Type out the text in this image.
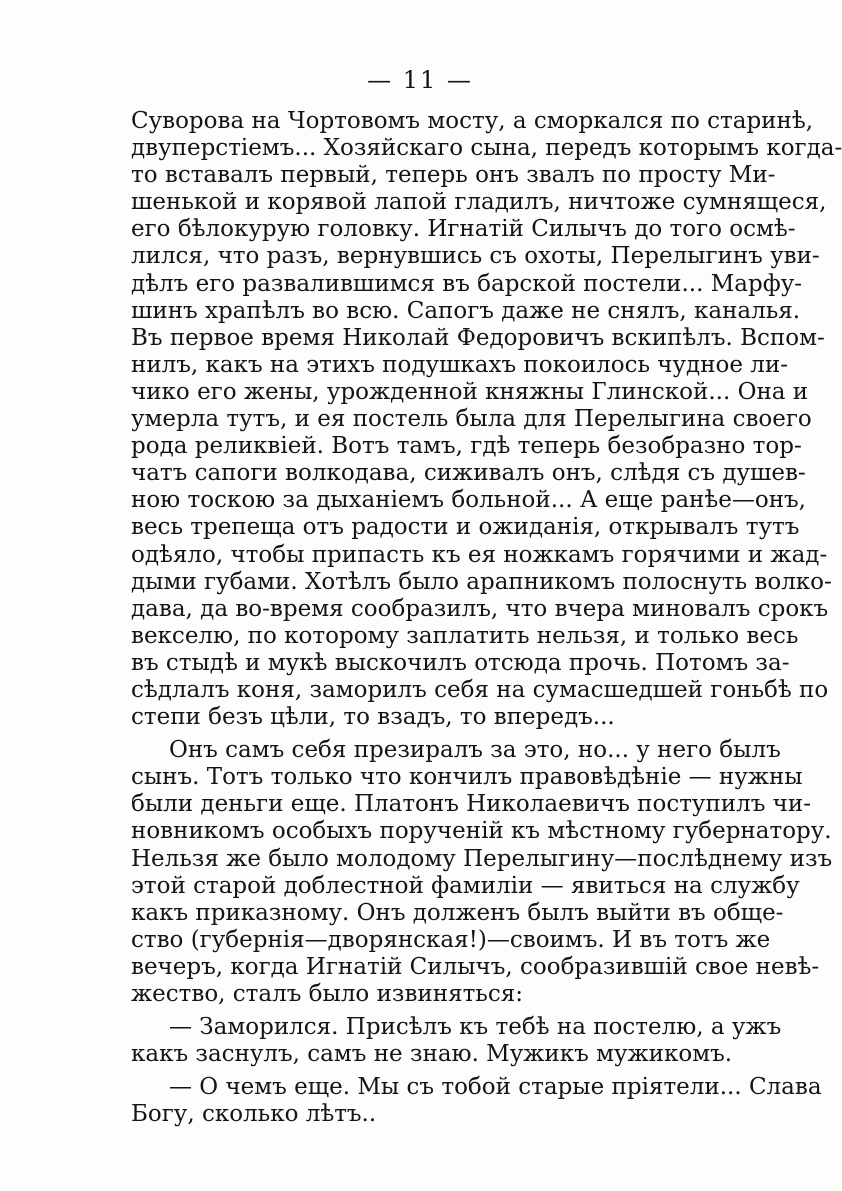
— 11 —
Суворова на Чортовомъ мосту, а сморкался по старинѣ,
двуперстіемъ... Хозяйскаго сына, передъ которымъ когда-
то вставалъ первый, теперь онъ звалъ по просту Ми-
шенькой и корявой лапой гладилъ, ничтоже сумнящеся,
его бѣлокурую головку. Игнатій Силычъ до того осмѣ-
лился, что разъ, вернувшись съ охоты, Перелыгинъ уви-
дѣлъ его развалившимся въ барской постели... Марфу-
шинъ храпѣлъ во всю. Сапогъ даже не снялъ, каналья.
Въ первое время Николай Федоровичъ вскипѣлъ. Вспом-
нилъ, какъ на этихъ подушкахъ покоилось чудное ли-
чико его жены, урожденной княжны Глинской... Она и
умерла тутъ, и ея постель была для Перелыгина своего
рода реликвіей. Вотъ тамъ, гдѣ теперь безобразно тор-
чатъ сапоги волкодава, сиживалъ онъ, слѣдя съ душев-
ною тоскою за дыханіемъ больной... А еще ранѣе—онъ,
весь трепеща отъ радости и ожиданія, открывалъ тутъ
одѣяло, чтобы припасть къ ея ножкамъ горячими и жад-
дыми губами. Хотѣлъ было арапникомъ полоснуть волко-
дава, да во-время сообразилъ, что вчера миновалъ срокъ
векселю, по которому заплатить нельзя, и только весь
въ стыдѣ и мукѣ выскочилъ отсюда прочь. Потомъ за-
сѣдлалъ коня, заморилъ себя на сумасшедшей гоньбѣ по
степи безъ цѣли, то взадъ, то впередъ...
Онъ самъ себя презиралъ за это, но... у него былъ
сынъ. Тотъ только что кончилъ правовѣдѣніе — нужны
были деньги еще. Платонъ Николаевичъ поступилъ чи-
новникомъ особыхъ порученій къ мѣстному губернатору.
Нельзя же было молодому Перелыгину—послѣднему изъ
этой старой доблестной фамиліи — явиться на службу
какъ приказному. Онъ долженъ былъ выйти въ обще-
ство (губернія—дворянская!)—своимъ. И въ тотъ же
вечеръ, когда Игнатій Силычъ, сообразившій свое невѣ-
жество, сталъ было извиняться:
— Заморился. Присѣлъ къ тебѣ на постелю, а ужъ
какъ заснулъ, самъ не знаю. Мужикъ мужикомъ.
— О чемъ еще. Мы съ тобой старые пріятели... Слава
Богу, сколько лѣтъ..
